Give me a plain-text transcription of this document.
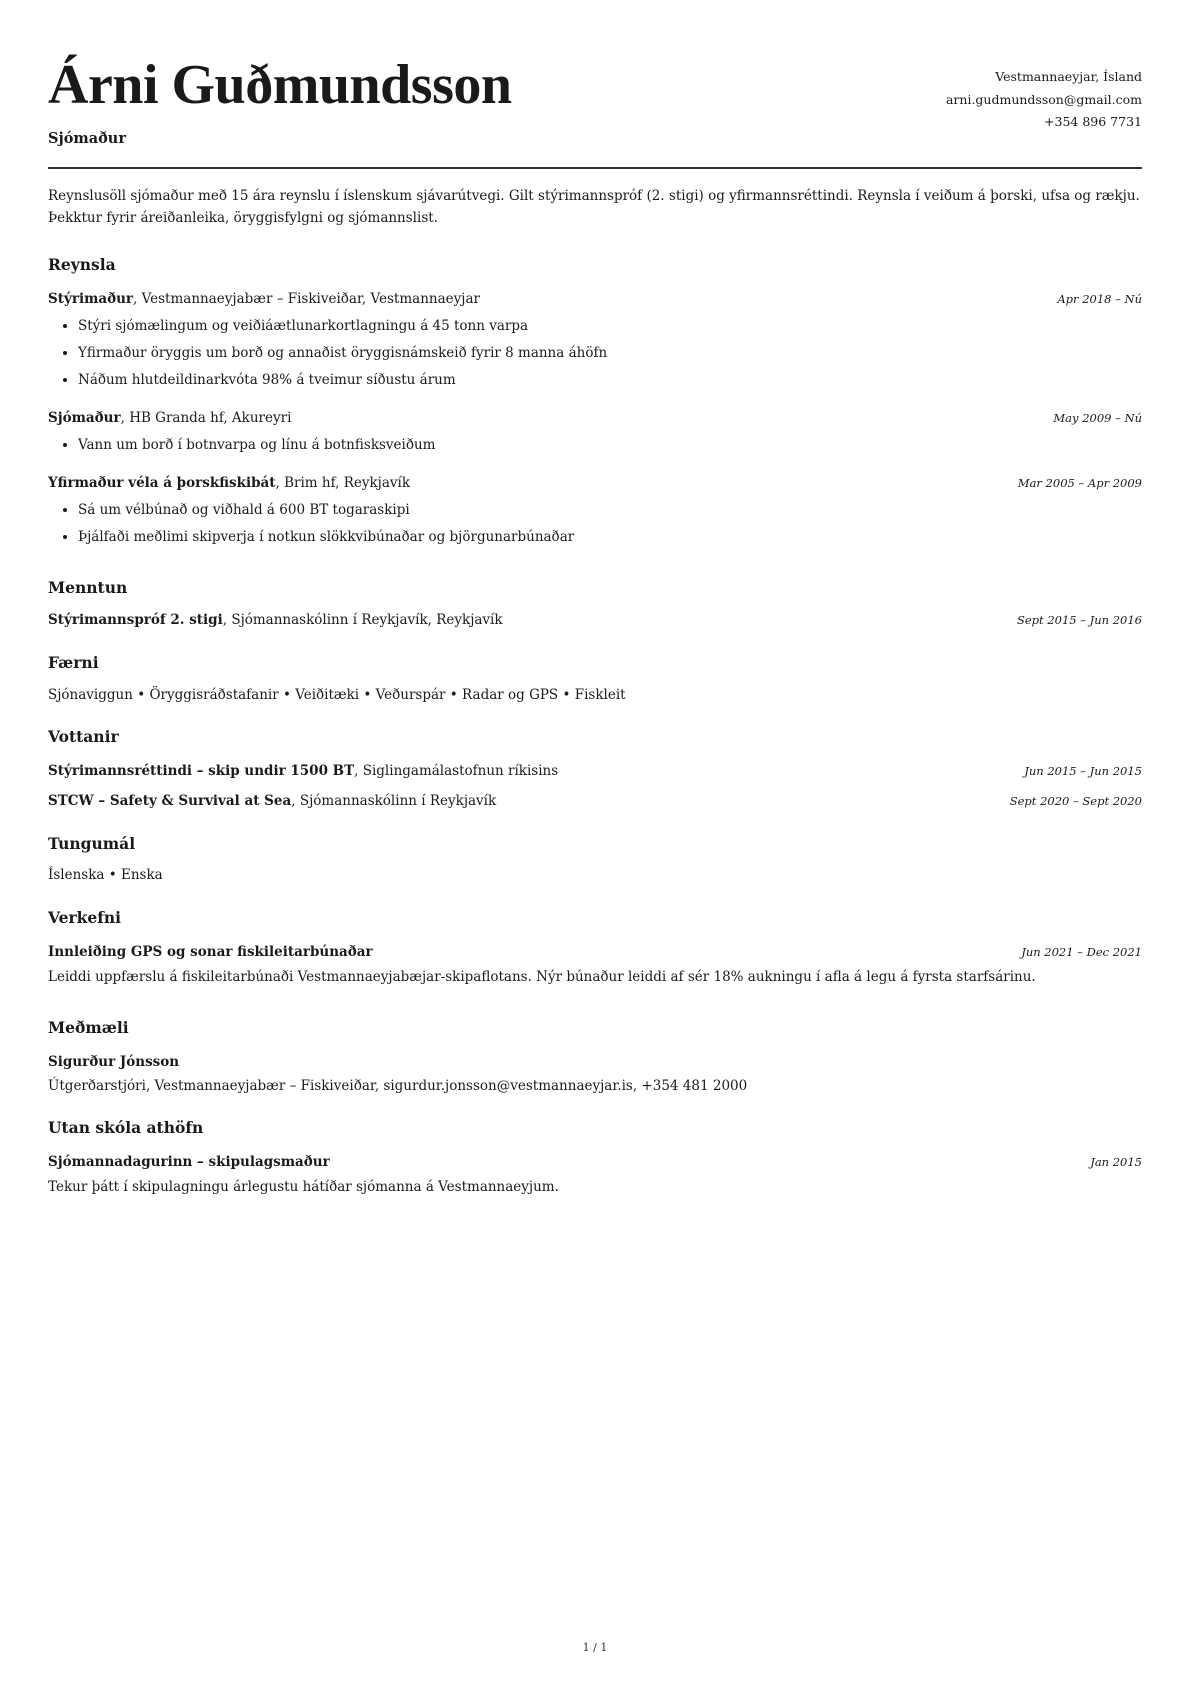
Árni Guðmundsson
Sjómaður
Vestmannaeyjar, Ísland
arni.gudmundsson@gmail.com
+354 896 7731
Reynslusöll sjómaður með 15 ára reynslu í íslenskum sjávarútvegi. Gilt stýrimannspróf (2. stigi) og yfirmannsréttindi. Reynsla í veiðum á þorski, ufsa og rækju. Þekktur fyrir áreiðanleika, öryggisfylgni og sjómannslist.
Reynsla
Stýrimaður, Vestmannaeyjabær – Fiskiveiðar, Vestmannaeyjar	Apr 2018 – Nú
• Stýri sjómælingum og veiðiáætlunarkortlagningu á 45 tonn varpa
• Yfirmaður öryggis um borð og annaðist öryggisnámskeið fyrir 8 manna áhöfn
• Náðum hlutdeildinarkvóta 98% á tveimur síðustu árum
Sjómaður, HB Granda hf, Akureyri	May 2009 – Nú
• Vann um borð í botnvarpa og línu á botnfisksveiðum
Yfirmaður véla á þorskfiskibát, Brim hf, Reykjavík	Mar 2005 – Apr 2009
• Sá um vélbúnað og viðhald á 600 BT togaraskipi
• Þjálfaði meðlimi skipverja í notkun slökkvibúnaðar og björgunarbúnaðar
Menntun
Stýrimannspróf 2. stigi, Sjómannaskólinn í Reykjavík, Reykjavík	Sept 2015 – Jun 2016
Færni
Sjónaviggun • Öryggisráðstafanir • Veiðitæki • Veðurspár • Radar og GPS • Fiskleit
Vottanir
Stýrimannsréttindi – skip undir 1500 BT, Siglingamálastofnun ríkisins	Jun 2015 – Jun 2015
STCW – Safety & Survival at Sea, Sjómannaskólinn í Reykjavík	Sept 2020 – Sept 2020
Tungumál
Íslenska • Enska
Verkefni
Innleiðing GPS og sonar fiskileitarbúnaðar	Jun 2021 – Dec 2021
Leiddi uppfærslu á fiskileitarbúnaði Vestmannaeyjabæjar-skipaflotans. Nýr búnaður leiddi af sér 18% aukningu í afla á legu á fyrsta starfsárinu.
Meðmæli
Sigurður Jónsson
Útgerðarstjóri, Vestmannaeyjabær – Fiskiveiðar, sigurdur.jonsson@vestmannaeyjar.is, +354 481 2000
Utan skóla athöfn
Sjómannadagurinn – skipulagsmaður	Jan 2015
Tekur þátt í skipulagningu árlegustu hátíðar sjómanna á Vestmannaeyjum.
1 / 1
